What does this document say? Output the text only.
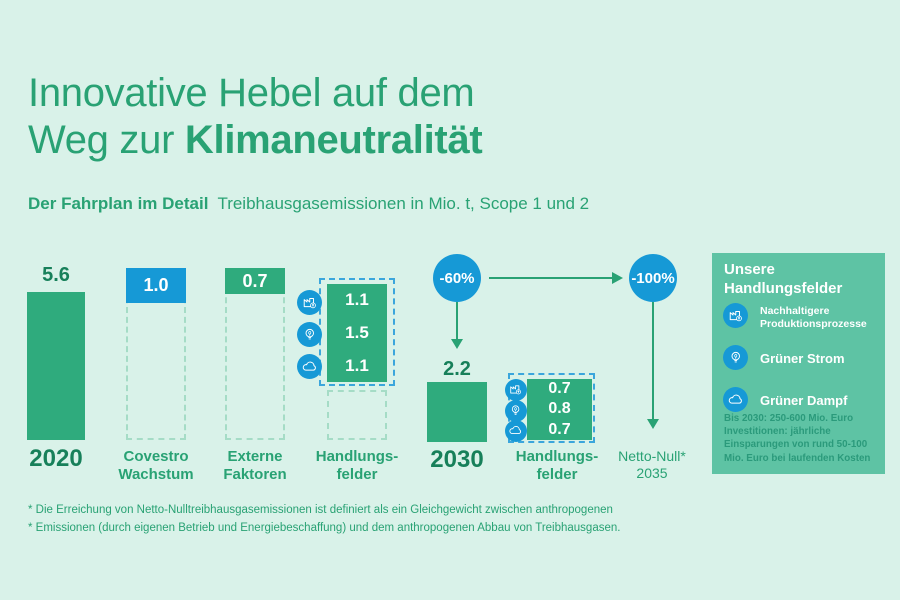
Innovative Hebel auf dem
Weg zur Klimaneutralität
Der Fahrplan im Detail Treibhausgasemissionen in Mio. t, Scope 1 und 2
5.6
2020
1.0
Covestro
Wachstum
0.7
Externe
Faktoren
1.1
1.5
1.1
Handlungs-
felder
-60%
2.2
2030
0.7
0.8
0.7
Handlungs-
felder
-100%
Netto-Null*
2035
Unsere Handlungsfelder
Nachhaltigere Produktionsprozesse
Grüner Strom
Grüner Dampf
Bis 2030: 250-600 Mio. Euro Investitionen: jährliche Einsparungen von rund 50-100 Mio. Euro bei laufenden Kosten
* Die Erreichung von Netto-Nulltreibhausgasemissionen ist definiert als ein Gleichgewicht zwischen anthropogenen
* Emissionen (durch eigenen Betrieb und Energiebeschaffung) und dem anthropogenen Abbau von Treibhausgasen.
